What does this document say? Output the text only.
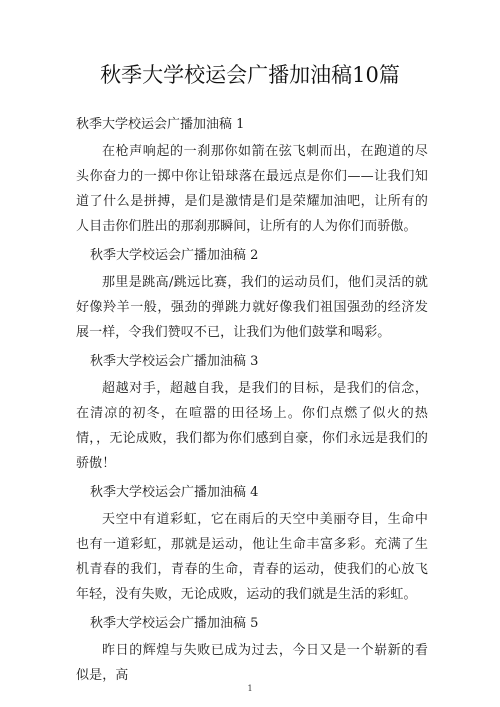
秋季大学校运会广播加油稿10篇

秋季大学校运会广播加油稿 1

在枪声响起的一刹那你如箭在弦飞刺而出，在跑道的尽头你奋力的一掷中你让铅球落在最远点是你们——让我们知道了什么是拼搏，是们是激情是们是荣耀加油吧，让所有的人目击你们胜出的那刹那瞬间，让所有的人为你们而骄傲。

秋季大学校运会广播加油稿 2

那里是跳高/跳远比赛，我们的运动员们，他们灵活的就好像羚羊一般，强劲的弹跳力就好像我们祖国强劲的经济发展一样，令我们赞叹不已，让我们为他们鼓掌和喝彩。

秋季大学校运会广播加油稿 3

超越对手，超越自我，是我们的目标，是我们的信念，在清凉的初冬，在喧嚣的田径场上。你们点燃了似火的热情，，无论成败，我们都为你们感到自豪，你们永远是我们的骄傲！

秋季大学校运会广播加油稿 4

天空中有道彩虹，它在雨后的天空中美丽夺目，生命中也有一道彩虹，那就是运动，他让生命丰富多彩。充满了生机青春的我们，青春的生命，青春的运动，使我们的心放飞年轻，没有失败，无论成败，运动的我们就是生活的彩虹。

秋季大学校运会广播加油稿 5

昨日的辉煌与失败已成为过去，今日又是一个崭新的看似是，高

1
